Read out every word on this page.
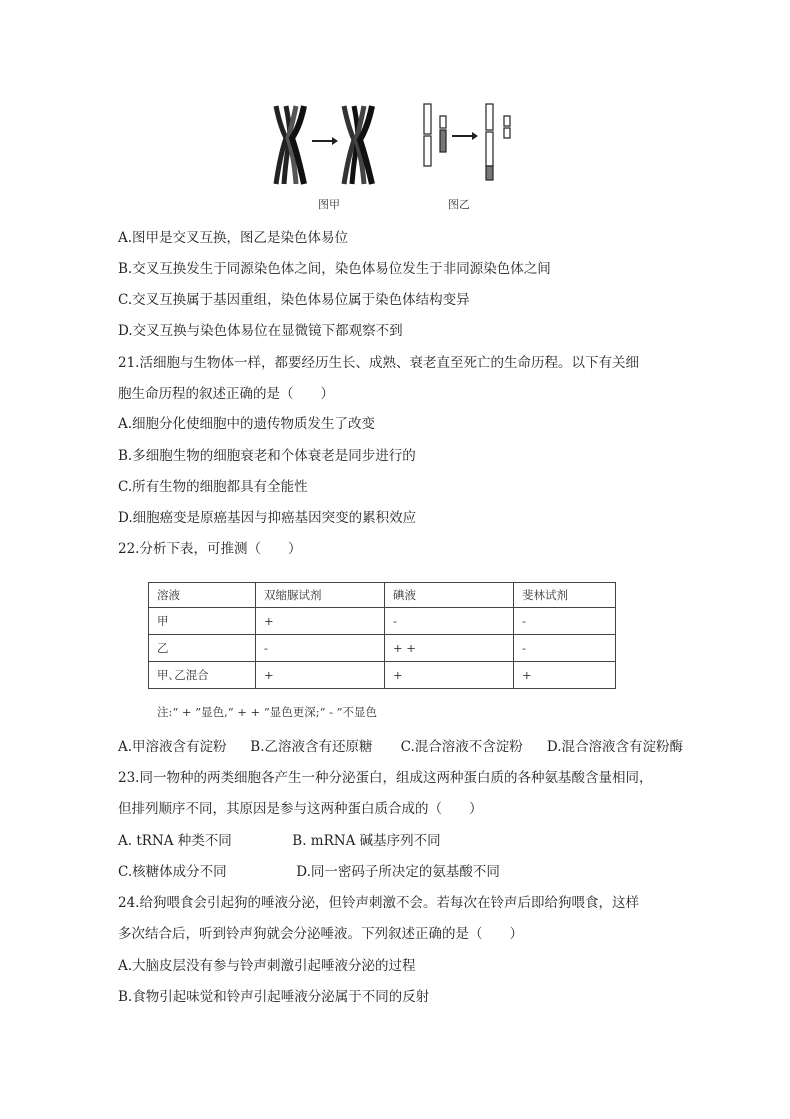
图甲	图乙
A.图甲是交叉互换，图乙是染色体易位
B.交叉互换发生于同源染色体之间，染色体易位发生于非同源染色体之间
C.交叉互换属于基因重组，染色体易位属于染色体结构变异
D.交叉互换与染色体易位在显微镜下都观察不到
21.活细胞与生物体一样，都要经历生长、成熟、衰老直至死亡的生命历程。以下有关细
胞生命历程的叙述正确的是（　　）
A.细胞分化使细胞中的遗传物质发生了改变
B.多细胞生物的细胞衰老和个体衰老是同步进行的
C.所有生物的细胞都具有全能性
D.细胞癌变是原癌基因与抑癌基因突变的累积效应
22.分析下表，可推测（　　）
溶液	双缩脲试剂	碘液	斐林试剂
甲	+	-	-
乙	-	+ +	-
甲､乙混合	+	+	+
注:“ + ”显色,“ + + ”显色更深;“ - ”不显色
A.甲溶液含有淀粉 B.乙溶液含有还原糖 C.混合溶液不含淀粉 D.混合溶液含有淀粉酶
23.同一物种的两类细胞各产生一种分泌蛋白，组成这两种蛋白质的各种氨基酸含量相同，
但排列顺序不同，其原因是参与这两种蛋白质合成的（　　）
A. tRNA 种类不同	B. mRNA 碱基序列不同
C.核糖体成分不同	D.同一密码子所决定的氨基酸不同
24.给狗喂食会引起狗的唾液分泌，但铃声刺激不会。若每次在铃声后即给狗喂食，这样
多次结合后，听到铃声狗就会分泌唾液。下列叙述正确的是（　　）
A.大脑皮层没有参与铃声刺激引起唾液分泌的过程
B.食物引起味觉和铃声引起唾液分泌属于不同的反射
